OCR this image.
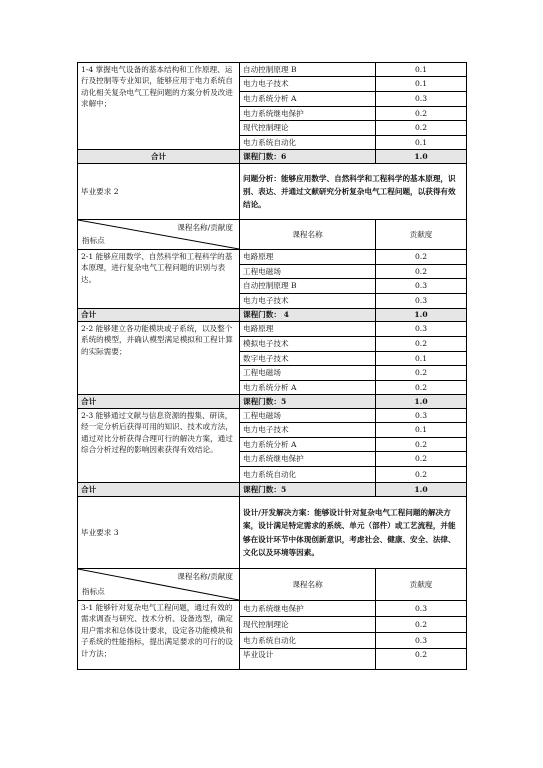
1-4 掌握电气设备的基本结构和工作原理、运行及控制等专业知识，能够应用于电力系统自动化相关复杂电气工程问题的方案分析及改进求解中；	自动控制原理 B	0.1
	电力电子技术	0.1
	电力系统分析 A	0.3
	电力系统继电保护	0.2
	现代控制理论	0.2
	电力系统自动化	0.1
合计	课程门数：6	1.0
毕业要求 2	问题分析：能够应用数学、自然科学和工程科学的基本原理，识别、表达、并通过文献研究分析复杂电气工程问题，以获得有效结论。	

课程名称/贡献度
指标点	课程名称	贡献度
2-1 能够应用数学、自然科学和工程科学的基本原理，进行复杂电气工程问题的识别与表达。	电路原理	0.2
	工程电磁场	0.2
	自动控制原理 B	0.3
	电力电子技术	0.3
合计	课程门数： 4	1.0
2-2 能够建立各功能模块或子系统，以及整个系统的模型，并确认模型满足模拟和工程计算的实际需要；	电路原理	0.3
	模拟电子技术	0.2
	数字电子技术	0.1
	工程电磁场	0.2
	电力系统分析 A	0.2
合计	课程门数：5	1.0
2-3 能够通过文献与信息资源的搜集、研读，经一定分析后获得可用的知识、技术或方法，通过对比分析获得合理可行的解决方案，通过综合分析过程的影响因素获得有效结论。	工程电磁场	0.3
	电力电子技术	0.1
	电力系统分析 A	0.2
	电力系统继电保护	0.2
	电力系统自动化	0.2
合计	课程门数：5	1.0
毕业要求 3	设计/开发解决方案：能够设计针对复杂电气工程问题的解决方案，设计满足特定需求的系统、单元（部件）或工艺流程，并能够在设计环节中体现创新意识，考虑社会、健康、安全、法律、文化以及环境等因素。	

课程名称/贡献度
指标点	课程名称	贡献度
3-1 能够针对复杂电气工程问题，通过有效的需求调查与研究、技术分析、设备选型，确定用户需求和总体设计要求，设定各功能模块和子系统的性能指标，提出满足要求的可行的设计方法；	电力系统继电保护	0.3
	现代控制理论	0.2
	电力系统自动化	0.3
	毕业设计	0.2
